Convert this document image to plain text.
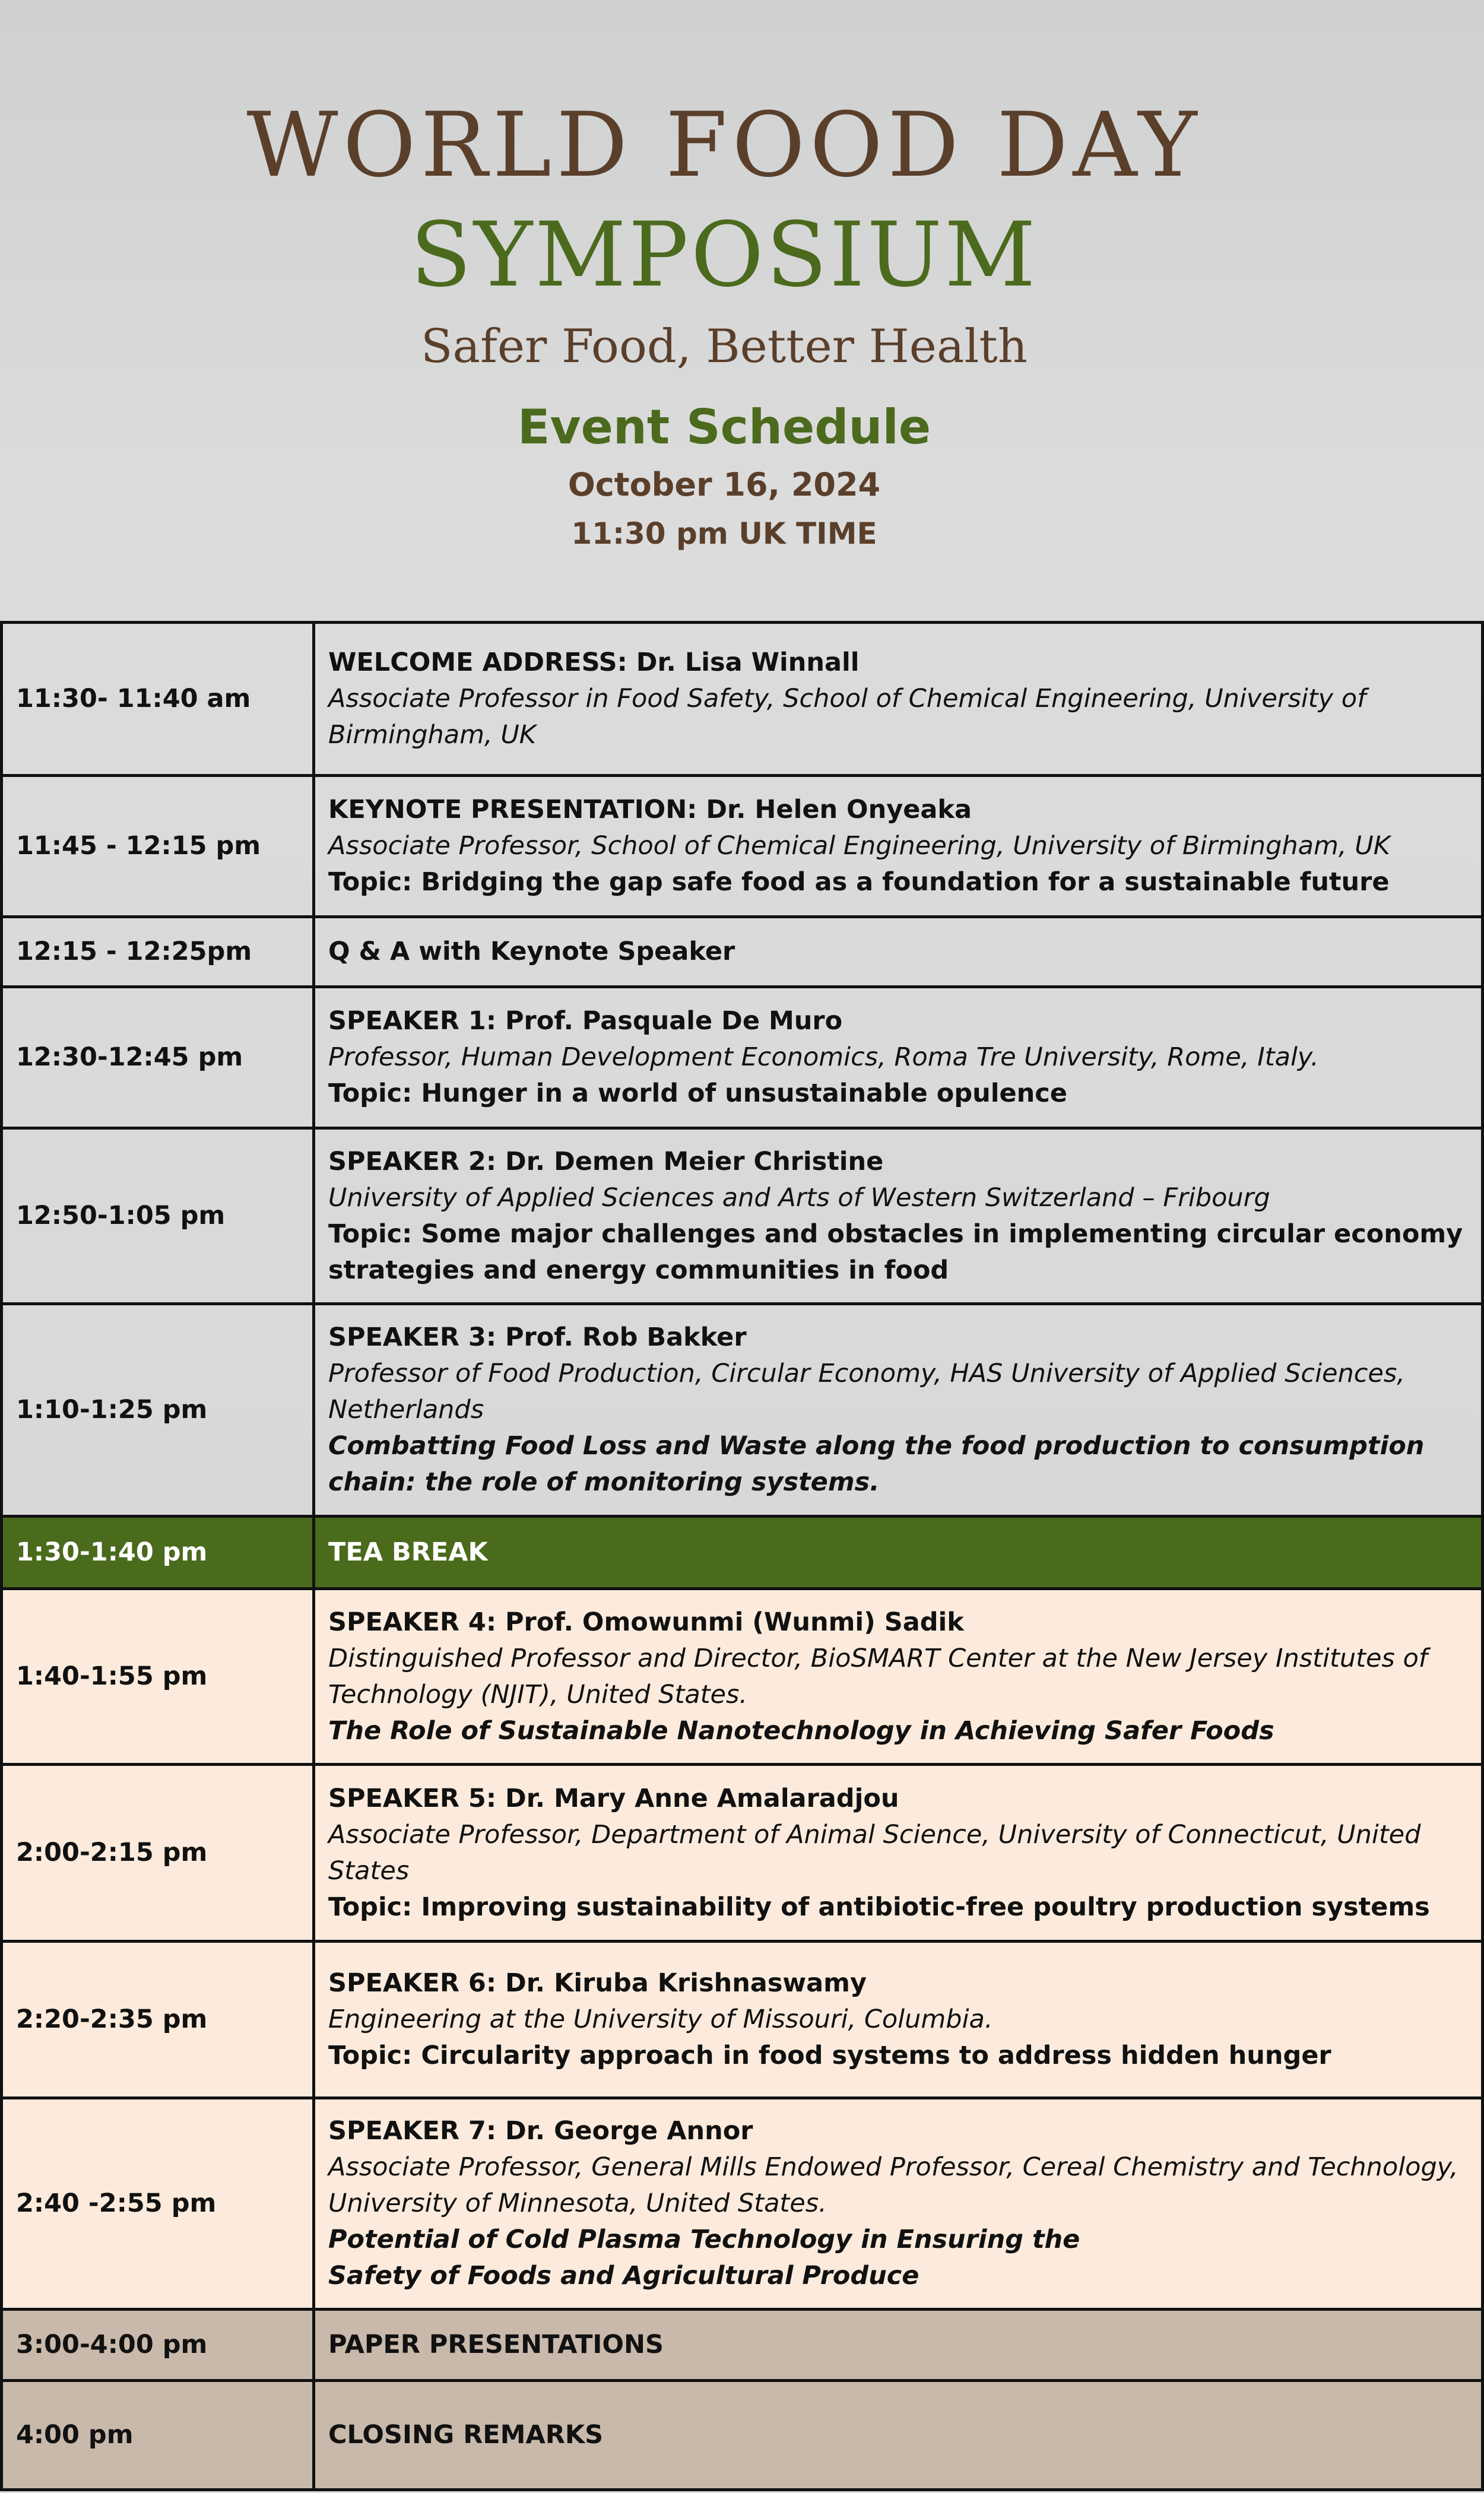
WORLD FOOD DAY
SYMPOSIUM
Safer Food, Better Health
Event Schedule
October 16, 2024
11:30 pm UK TIME
11:30- 11:40 am	WELCOME ADDRESS: Dr. Lisa Winnall
Associate Professor in Food Safety, School of Chemical Engineering, University of Birmingham, UK

11:45 - 12:15 pm	KEYNOTE PRESENTATION: Dr. Helen Onyeaka
Associate Professor, School of Chemical Engineering, University of Birmingham, UK
Topic: Bridging the gap safe food as a foundation for a sustainable future

12:15 - 12:25pm	Q & A with Keynote Speaker

12:30-12:45 pm	SPEAKER 1: Prof. Pasquale De Muro
Professor, Human Development Economics, Roma Tre University, Rome, Italy.
Topic: Hunger in a world of unsustainable opulence

12:50-1:05 pm	SPEAKER 2: Dr. Demen Meier Christine
University of Applied Sciences and Arts of Western Switzerland – Fribourg
Topic: Some major challenges and obstacles in implementing circular economy strategies and energy communities in food

1:10-1:25 pm	SPEAKER 3: Prof. Rob Bakker
Professor of Food Production, Circular Economy, HAS University of Applied Sciences, Netherlands
Combatting Food Loss and Waste along the food production to consumption chain: the role of monitoring systems.

1:30-1:40 pm	TEA BREAK

1:40-1:55 pm	SPEAKER 4: Prof. Omowunmi (Wunmi) Sadik
Distinguished Professor and Director, BioSMART Center at the New Jersey Institutes of Technology (NJIT), United States.
The Role of Sustainable Nanotechnology in Achieving Safer Foods

2:00-2:15 pm	SPEAKER 5: Dr. Mary Anne Amalaradjou
Associate Professor, Department of Animal Science, University of Connecticut, United States
Topic: Improving sustainability of antibiotic-free poultry production systems

2:20-2:35 pm	SPEAKER 6: Dr. Kiruba Krishnaswamy
Engineering at the University of Missouri, Columbia.
Topic: Circularity approach in food systems to address hidden hunger

2:40 -2:55 pm	SPEAKER 7: Dr. George Annor
Associate Professor, General Mills Endowed Professor, Cereal Chemistry and Technology, University of Minnesota, United States.
Potential of Cold Plasma Technology in Ensuring the
Safety of Foods and Agricultural Produce

3:00-4:00 pm	PAPER PRESENTATIONS

4:00 pm	CLOSING REMARKS
